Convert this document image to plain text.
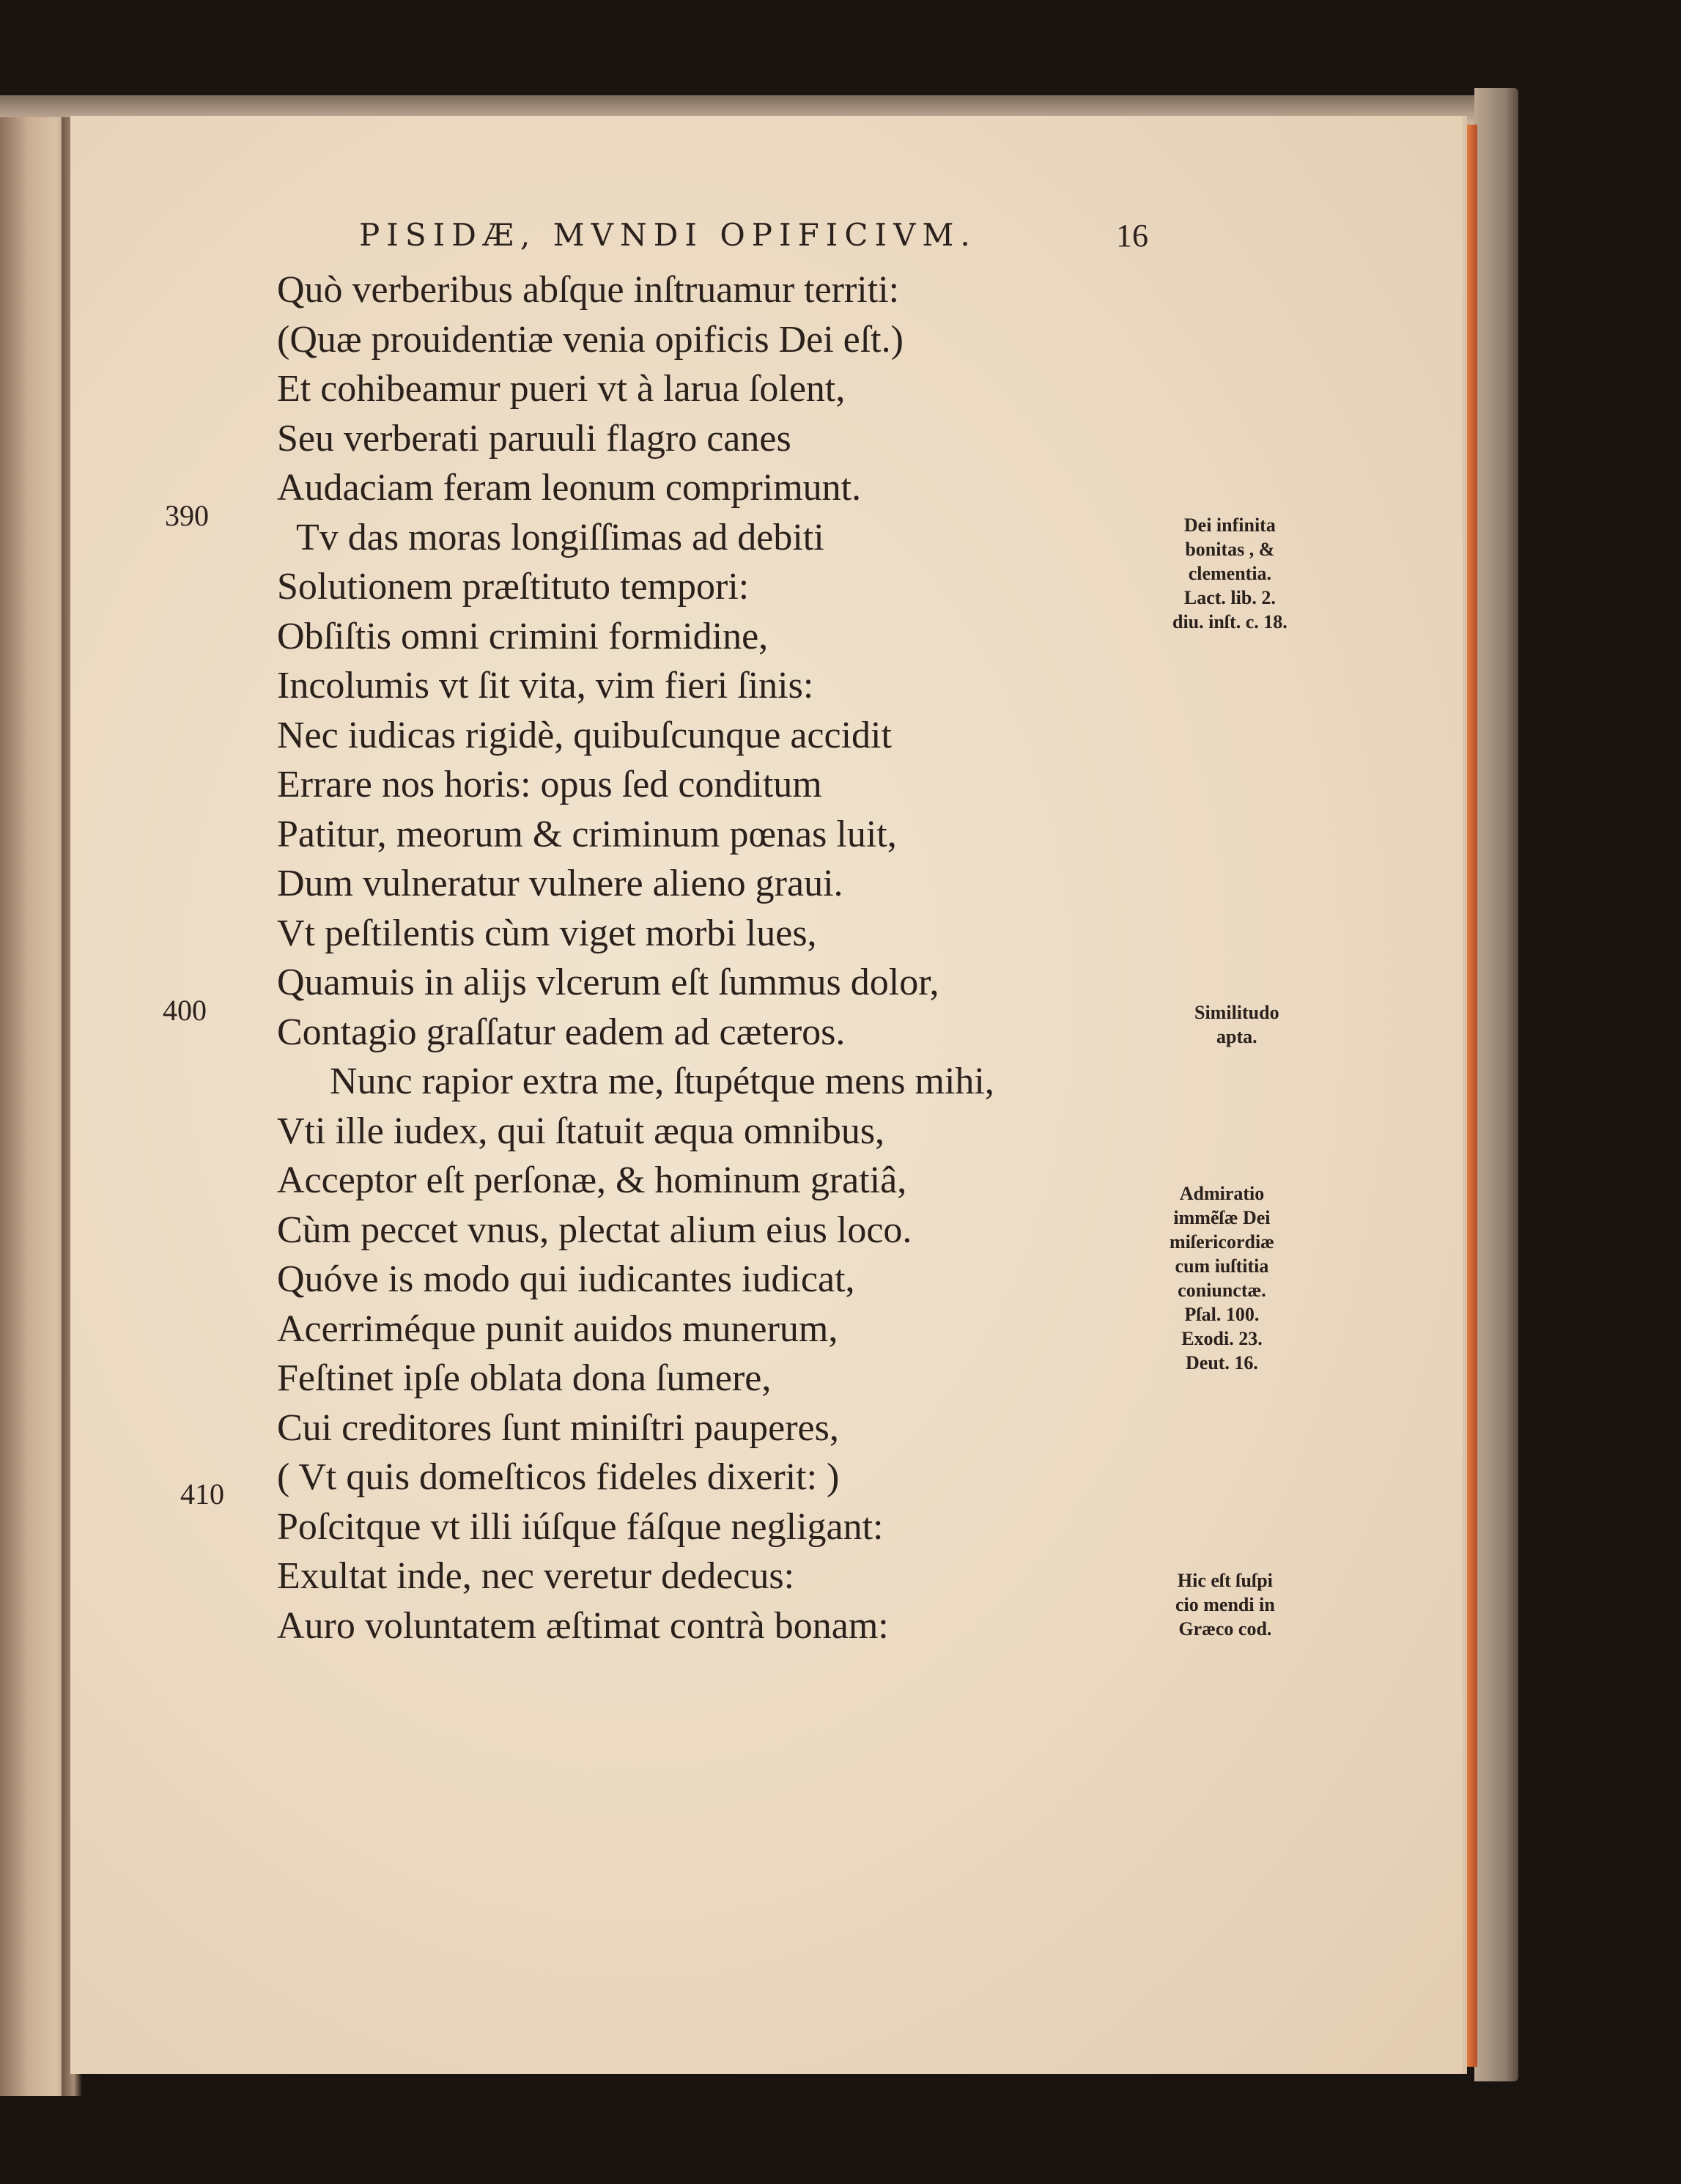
PISIDÆ, MVNDI OPIFICIVM.	16
Quò verberibus abſque inſtruamur territi:
(Quæ prouidentiæ venia opificis Dei eſt.)
Et cohibeamur pueri vt à larua ſolent,
Seu verberati paruuli flagro canes
Audaciam feram leonum comprimunt.
Tv das moras longiſſimas ad debiti
Solutionem præſtituto tempori:
Obſiſtis omni crimini formidine,
Incolumis vt ſit vita, vim fieri ſinis:
Nec iudicas rigidè, quibuſcunque accidit
Errare nos horis: opus ſed conditum
Patitur, meorum & criminum pœnas luit,
Dum vulneratur vulnere alieno graui.
Vt peſtilentis cùm viget morbi lues,
Quamuis in alijs vlcerum eſt ſummus dolor,
Contagio graſſatur eadem ad cæteros.
Nunc rapior extra me, ſtupétque mens mihi,
Vti ille iudex, qui ſtatuit æqua omnibus,
Acceptor eſt perſonæ, & hominum gratiâ,
Cùm peccet vnus, plectat alium eius loco.
Quóve is modo qui iudicantes iudicat,
Acerriméque punit auidos munerum,
Feſtinet ipſe oblata dona ſumere,
Cui creditores ſunt miniſtri pauperes,
( Vt quis domeſticos fideles dixerit: )
Poſcitque vt illi iúſque fáſque negligant:
Exultat inde, nec veretur dedecus:
Auro voluntatem æſtimat contrà bonam:
390
400
410
Dei infinita
bonitas , &
clementia.
Lact. lib. 2.
diu. inſt. c. 18.
Similitudo
apta.
Admiratio
immẽſæ Dei
miſericordiæ
cum iuſtitia
coniunctæ.
Pſal. 100.
Exodi. 23.
Deut. 16.
Hic eſt ſuſpi
cio mendi in
Græco cod.
